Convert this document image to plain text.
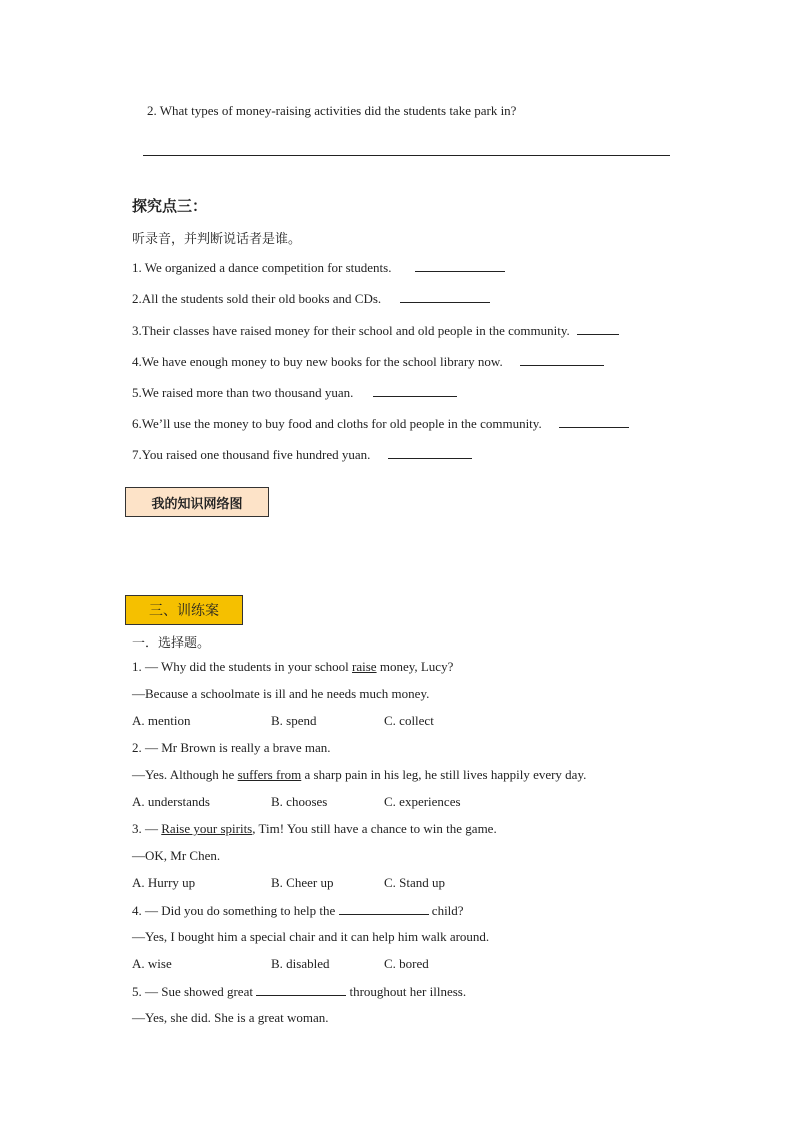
2. What types of money-raising activities did the students take park in?
探究点三：
听录音，并判断说话者是谁。
1. We organized a dance competition for students.
2.All the students sold their old books and CDs.
3.Their classes have raised money for their school and old people in the community.
4.We have enough money to buy new books for the school library now.
5.We raised more than two thousand yuan.
6.We’ll use the money to buy food and cloths for old people in the community.
7.You raised one thousand five hundred yuan.
我的知识网络图
三、训练案
一．选择题。
1. — Why did the students in your school raise money, Lucy?
—Because a schoolmate is ill and he needs much money.
A. mention	B. spend	C. collect
2. — Mr Brown is really a brave man.
—Yes. Although he suffers from a sharp pain in his leg, he still lives happily every day.
A. understands	B. chooses	C. experiences
3. — Raise your spirits, Tim! You still have a chance to win the game.
—OK, Mr Chen.
A. Hurry up	B. Cheer up	C. Stand up
4. — Did you do something to help the	child?
—Yes, I bought him a special chair and it can help him walk around.
A. wise	B. disabled	C. bored
5. — Sue showed great	throughout her illness.
—Yes, she did. She is a great woman.
